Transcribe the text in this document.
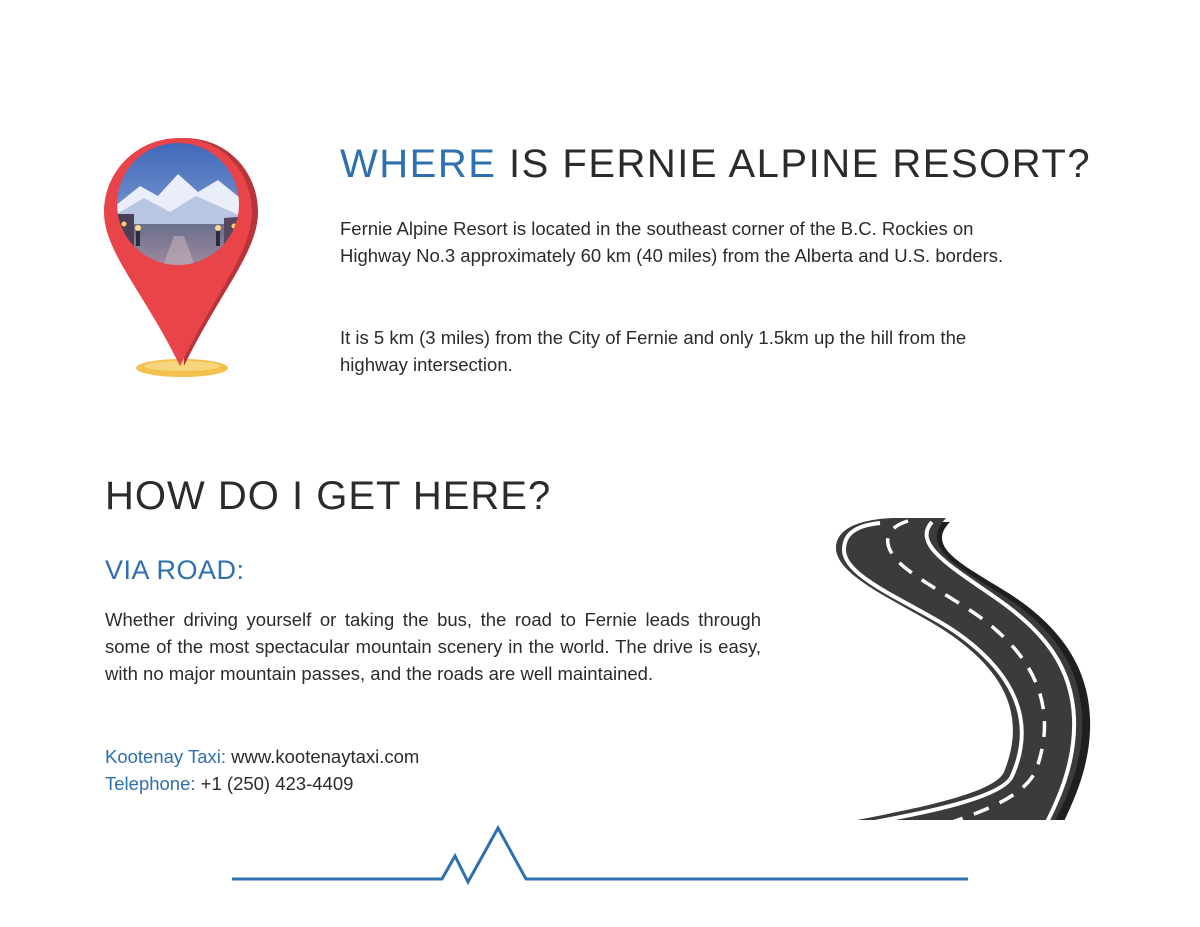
WHERE IS FERNIE ALPINE RESORT?

Fernie Alpine Resort is located in the southeast corner of the B.C. Rockies on Highway No.3 approximately 60 km (40 miles) from the Alberta and U.S. borders.

It is 5 km (3 miles) from the City of Fernie and only 1.5km up the hill from the highway intersection.

HOW DO I GET HERE?
VIA ROAD:

Whether driving yourself or taking the bus, the road to Fernie leads through some of the most spectacular mountain scenery in the world. The drive is easy, with no major mountain passes, and the roads are well maintained.

Kootenay Taxi: www.kootenaytaxi.com
Telephone: +1 (250) 423-4409
